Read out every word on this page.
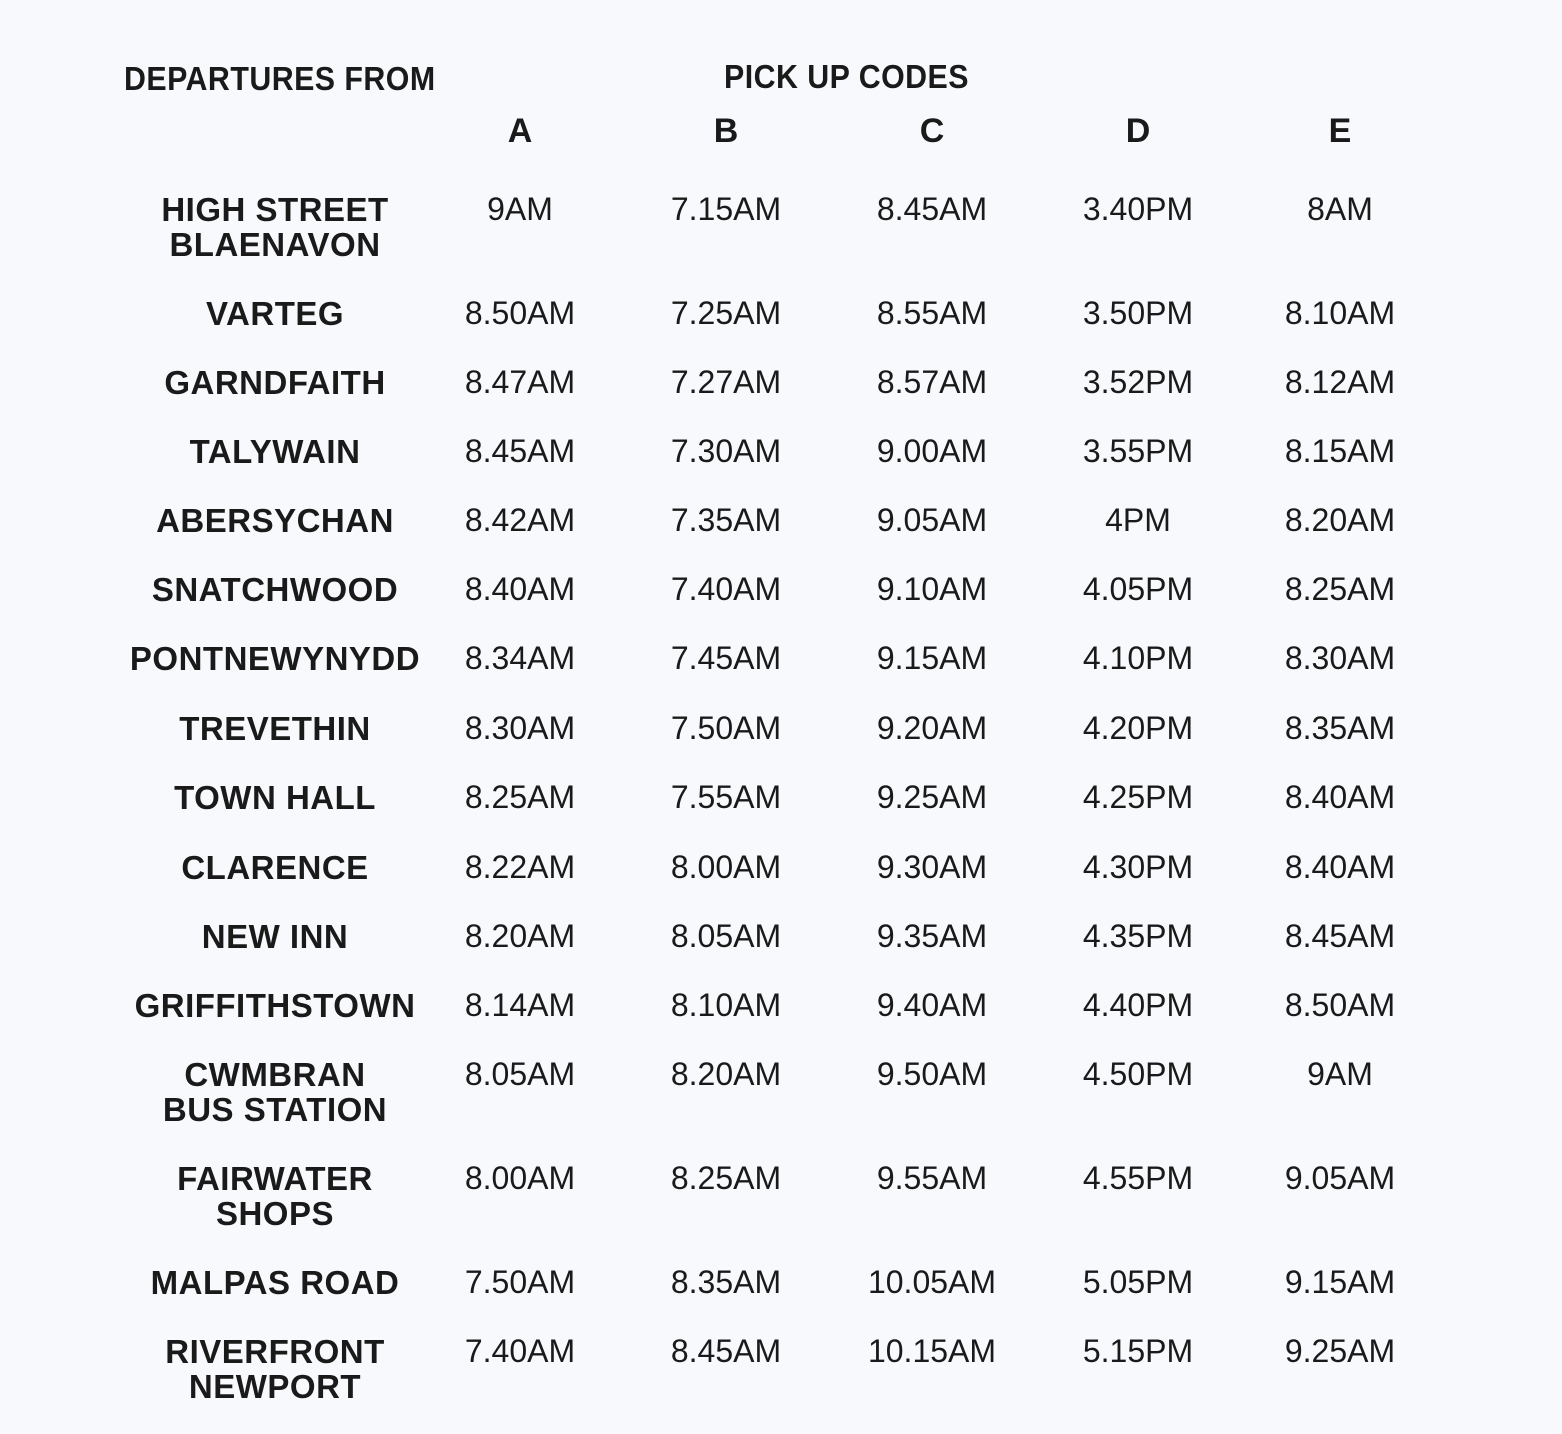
DEPARTURES FROM	PICK UP CODES
A	B	C	D	E
HIGH STREET
BLAENAVON
9AM	7.15AM	8.45AM	3.40PM	8AM
VARTEG	8.50AM	7.25AM	8.55AM	3.50PM	8.10AM
GARNDFAITH	8.47AM	7.27AM	8.57AM	3.52PM	8.12AM
TALYWAIN	8.45AM	7.30AM	9.00AM	3.55PM	8.15AM
ABERSYCHAN	8.42AM	7.35AM	9.05AM	4PM	8.20AM
SNATCHWOOD	8.40AM	7.40AM	9.10AM	4.05PM	8.25AM
PONTNEWYNYDD	8.34AM	7.45AM	9.15AM	4.10PM	8.30AM
TREVETHIN	8.30AM	7.50AM	9.20AM	4.20PM	8.35AM
TOWN HALL	8.25AM	7.55AM	9.25AM	4.25PM	8.40AM
CLARENCE	8.22AM	8.00AM	9.30AM	4.30PM	8.40AM
NEW INN	8.20AM	8.05AM	9.35AM	4.35PM	8.45AM
GRIFFITHSTOWN	8.14AM	8.10AM	9.40AM	4.40PM	8.50AM
CWMBRAN
BUS STATION
8.05AM	8.20AM	9.50AM	4.50PM	9AM
FAIRWATER
SHOPS
8.00AM	8.25AM	9.55AM	4.55PM	9.05AM
MALPAS ROAD	7.50AM	8.35AM	10.05AM	5.05PM	9.15AM
RIVERFRONT
NEWPORT
7.40AM	8.45AM	10.15AM	5.15PM	9.25AM
